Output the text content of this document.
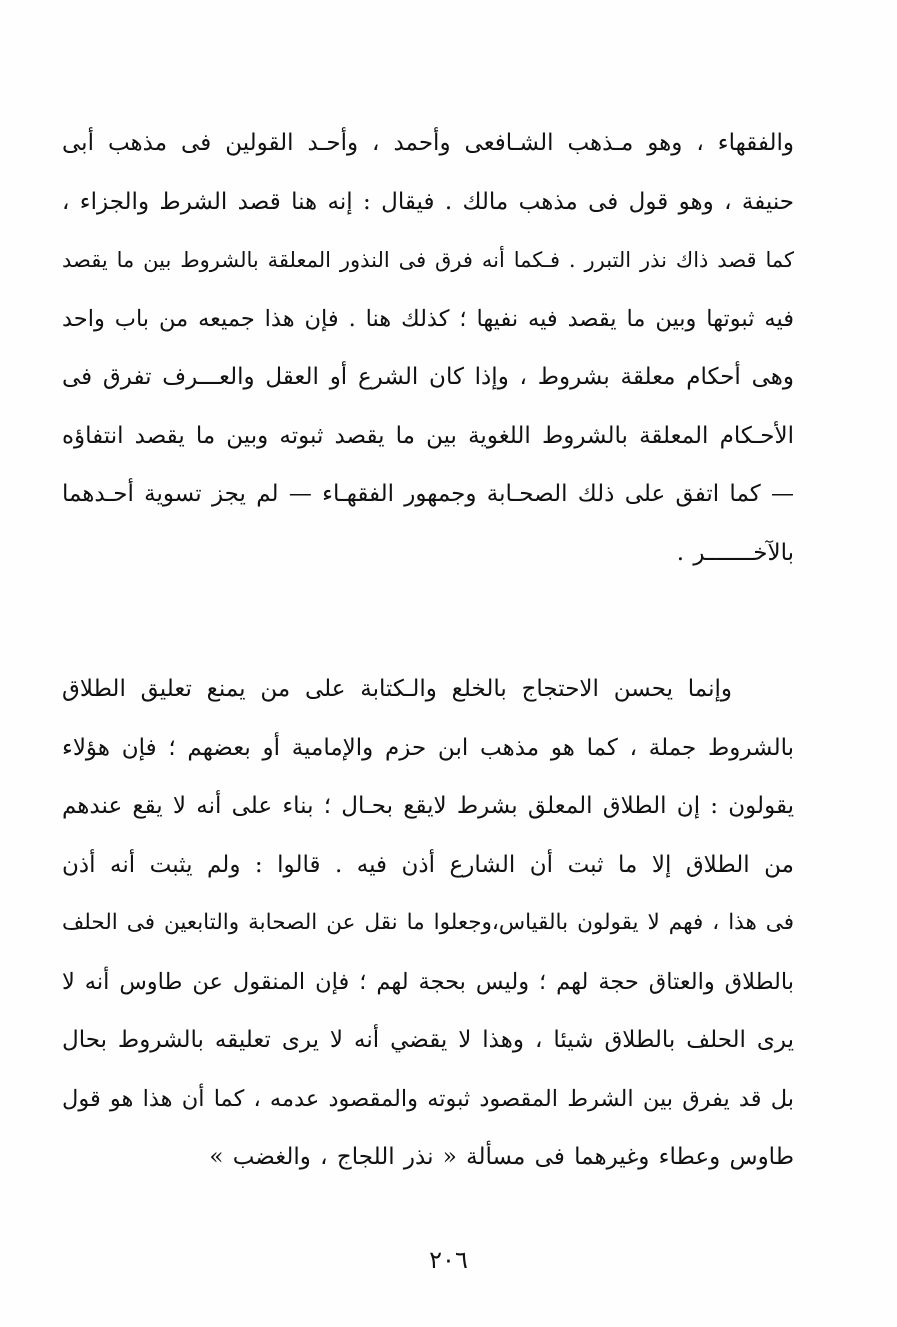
والفقهاء ، وهو مـذهب الشـافعى وأحمد ، وأحـد القولين فى مذهب أبى
حنيفة ، وهو قول فى مذهب مالك . فيقال : إنه هنا قصد الشرط والجزاء ،
كما قصد ذاك نذر التبرر . فـكما أنه فرق فى النذور المعلقة بالشروط بين ما يقصد
فيه ثبوتها وبين ما يقصد فيه نفيها ؛ كذلك هنا . فإن هذا جميعه من باب واحد
وهى أحكام معلقة بشروط ، وإذا كان الشرع أو العقل والعـــرف تفرق فى
الأحـكام المعلقة بالشروط اللغوية بين ما يقصد ثبوته وبين ما يقصد انتفاؤه
— كما اتفق على ذلك الصحـابة وجمهور الفقهـاء — لم يجز تسوية أحـدهما
بالآخـــــــر .
وإنما يحسن الاحتجاج بالخلع والـكتابة على من يمنع تعليق الطلاق
بالشروط جملة ، كما هو مذهب ابن حزم والإمامية أو بعضهم ؛ فإن هؤلاء
يقولون : إن الطلاق المعلق بشرط لايقع بحـال ؛ بناء على أنه لا يقع عندهم
من الطلاق إلا ما ثبت أن الشارع أذن فيه . قالوا : ولم يثبت أنه أذن
فى هذا ، فهم لا يقولون بالقياس،وجعلوا ما نقل عن الصحابة والتابعين فى الحلف
بالطلاق والعتاق حجة لهم ؛ وليس بحجة لهم ؛ فإن المنقول عن طاوس أنه لا
يرى الحلف بالطلاق شيئا ، وهذا لا يقضي أنه لا يرى تعليقه بالشروط بحال
بل قد يفرق بين الشرط المقصود ثبوته والمقصود عدمه ، كما أن هذا هو قول
طاوس وعطاء وغيرهما فى مسألة « نذر اللجاج ، والغضب »
٢٠٦
